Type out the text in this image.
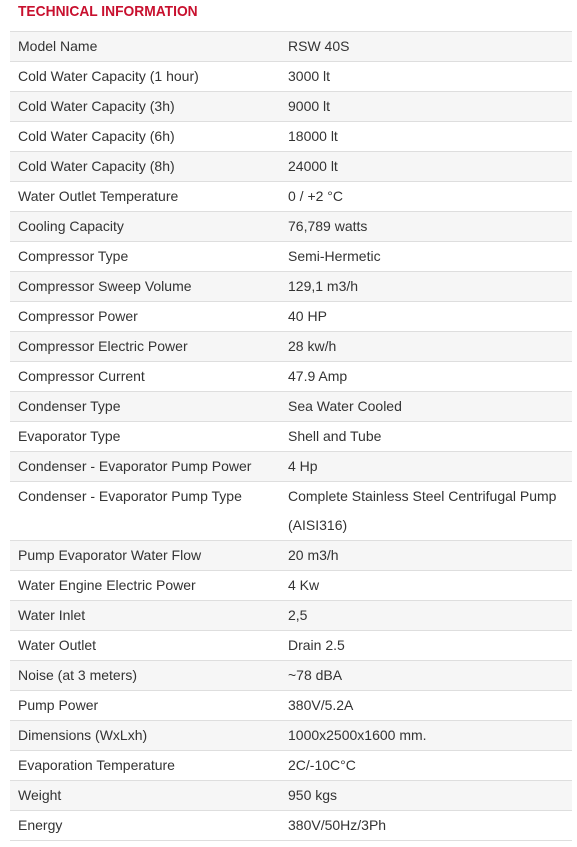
TECHNICAL INFORMATION
Model Name	RSW 40S
Cold Water Capacity (1 hour)	3000 lt
Cold Water Capacity (3h)	9000 lt
Cold Water Capacity (6h)	18000 lt
Cold Water Capacity (8h)	24000 lt
Water Outlet Temperature	0 / +2 °C
Cooling Capacity	76,789 watts
Compressor Type	Semi-Hermetic
Compressor Sweep Volume	129,1 m3/h
Compressor Power	40 HP
Compressor Electric Power	28 kw/h
Compressor Current	47.9 Amp
Condenser Type	Sea Water Cooled
Evaporator Type	Shell and Tube
Condenser - Evaporator Pump Power	4 Hp
Condenser - Evaporator Pump Type	Complete Stainless Steel Centrifugal Pump (AISI316)
Pump Evaporator Water Flow	20 m3/h
Water Engine Electric Power	4 Kw
Water Inlet	2,5
Water Outlet	Drain 2.5
Noise (at 3 meters)	~78 dBA
Pump Power	380V/5.2A
Dimensions (WxLxh)	1000x2500x1600 mm.
Evaporation Temperature	2C/-10C°C
Weight	950 kgs
Energy	380V/50Hz/3Ph
